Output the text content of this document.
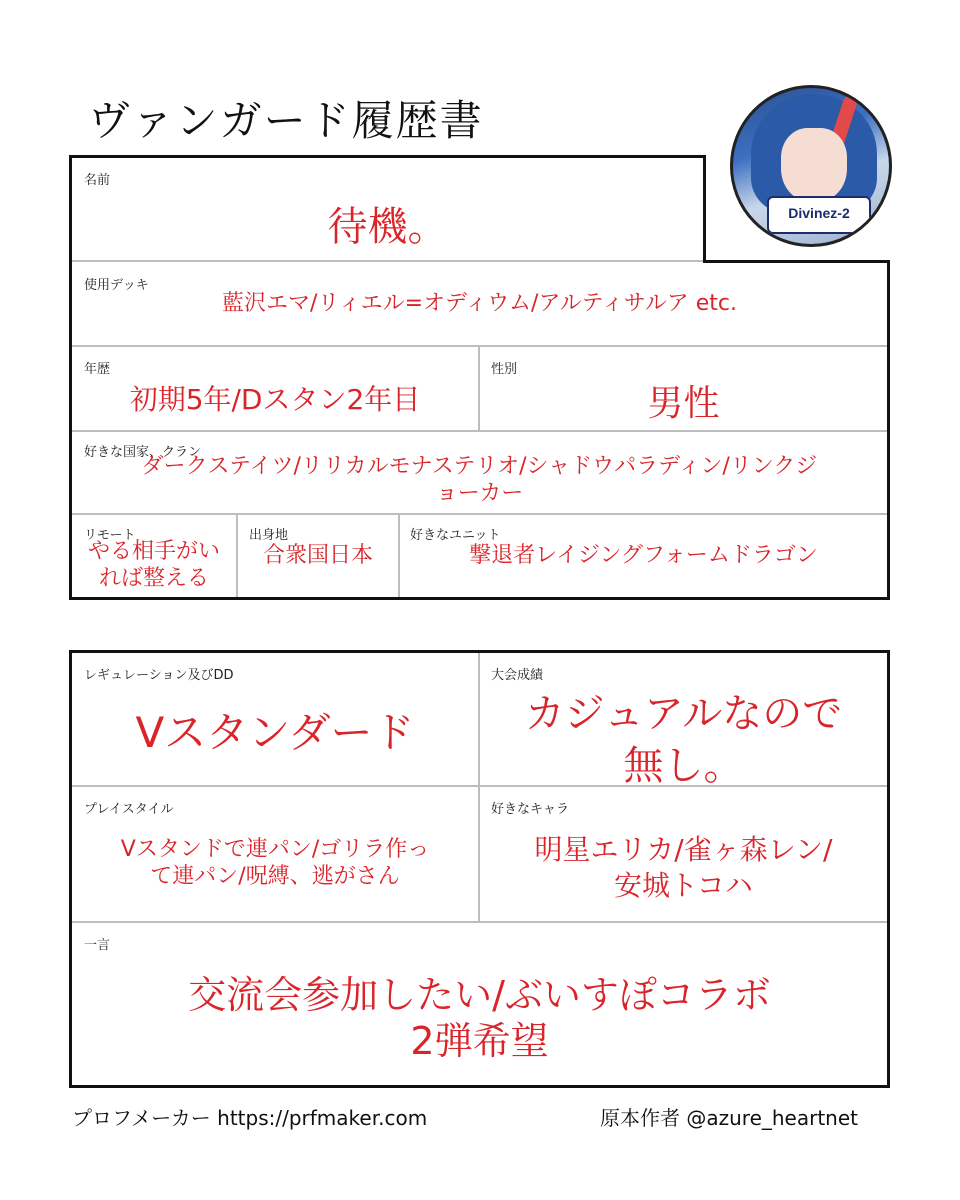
ヴァンガード履歴書
Divinez-2
名前
待機。
使用デッキ
藍沢エマ/リィエル=オディウム/アルティサルア etc.
年歴
初期5年/Dスタン2年目
性別
男性
好きな国家、クラン
ダークステイツ/リリカルモナステリオ/シャドウパラディン/リンクジ
ョーカー
リモート
やる相手がい
れば整える
出身地
合衆国日本
好きなユニット
撃退者レイジングフォームドラゴン
レギュレーション及びDD
Vスタンダード
大会成績
カジュアルなので
無し。
プレイスタイル
Vスタンドで連パン/ゴリラ作っ
て連パン/呪縛、逃がさん
好きなキャラ
明星エリカ/雀ヶ森レン/
安城トコハ
一言
交流会参加したい/ぶいすぽコラボ
2弾希望
プロフメーカー https://prfmaker.com	原本作者 @azure_heartnet
